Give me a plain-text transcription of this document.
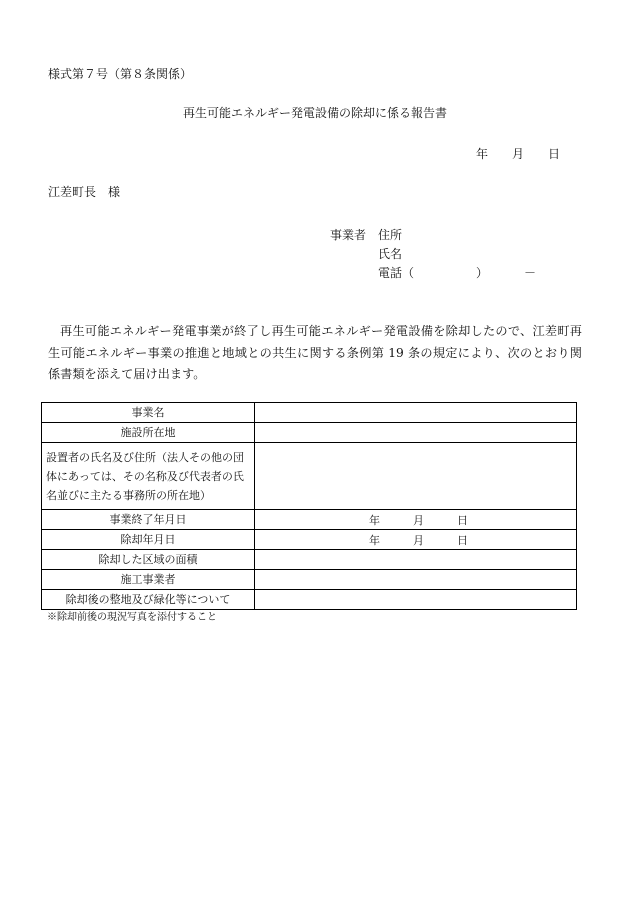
様式第７号（第８条関係）
再生可能エネルギー発電設備の除却に係る報告書
年 月 日
江差町長　様
事業者 住所
氏名
電話（	）	－
再生可能エネルギー発電事業が終了し再生可能エネルギー発電設備を除却したので、江差町再生可能エネルギー事業の推進と地域との共生に関する条例第 19 条の規定により、次のとおり関係書類を添えて届け出ます。
事業名	
施設所在地	
設置者の氏名及び住所（法人その他の団体にあっては、その名称及び代表者の氏名並びに主たる事務所の所在地）	
事業終了年月日	年 月 日

除却年月日	年 月 日

除却した区域の面積	
施工事業者	
除却後の整地及び緑化等について	
※除却前後の現況写真を添付すること
